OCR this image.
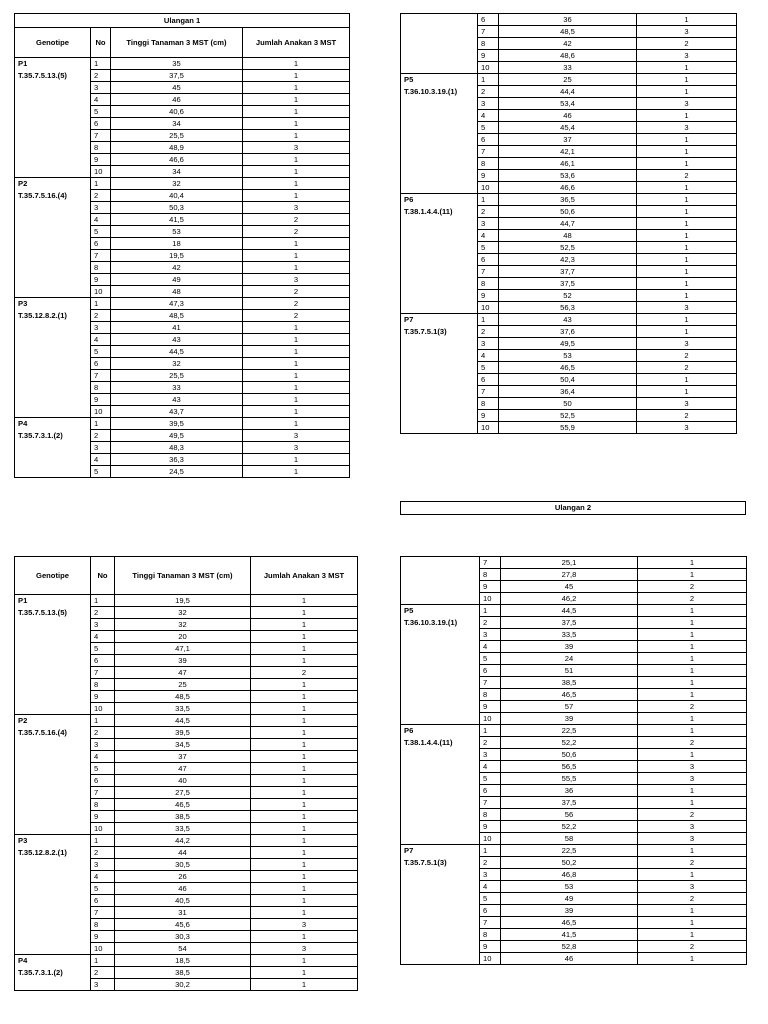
Ulangan 1			
Genotipe	No	Tinggi Tanaman 3 MST (cm)	Jumlah Anakan 3 MST
P1	1	35	1
T.35.7.5.13.(5)	2	37,5	1
	3	45	1
	4	46	1
	5	40,6	1
	6	34	1
	7	25,5	1
	8	48,9	3
	9	46,6	1
	10	34	1
P2	1	32	1
T.35.7.5.16.(4)	2	40,4	1
	3	50,3	3
	4	41,5	2
	5	53	2
	6	18	1
	7	19,5	1
	8	42	1
	9	49	3
	10	48	2
P3	1	47,3	2
T.35.12.8.2.(1)	2	48,5	2
	3	41	1
	4	43	1
	5	44,5	1
	6	32	1
	7	25,5	1
	8	33	1
	9	43	1
	10	43,7	1
P4	1	39,5	1
T.35.7.3.1.(2)	2	49,5	3
	3	48,3	3
	4	36,3	1
	5	24,5	1
	6	36	1
	7	48,5	3
	8	42	2
	9	48,6	3
	10	33	1
P5	1	25	1
T.36.10.3.19.(1)	2	44,4	1
	3	53,4	3
	4	46	1
	5	45,4	3
	6	37	1
	7	42,1	1
	8	46,1	1
	9	53,6	2
	10	46,6	1
P6	1	36,5	1
T.38.1.4.4.(11)	2	50,6	1
	3	44,7	1
	4	48	1
	5	52,5	1
	6	42,3	1
	7	37,7	1
	8	37,5	1
	9	52	1
	10	56,3	3
P7	1	43	1
T.35.7.5.1(3)	2	37,6	1
	3	49,5	3
	4	53	2
	5	46,5	2
	6	50,4	1
	7	36,4	1
	8	50	3
	9	52,5	2
	10	55,9	3
Ulangan 2
Genotipe	No	Tinggi Tanaman 3 MST (cm)	Jumlah Anakan 3 MST
P1	1	19,5	1
T.35.7.5.13.(5)	2	32	1
	3	32	1
	4	20	1
	5	47,1	1
	6	39	1
	7	47	2
	8	25	1
	9	48,5	1
	10	33,5	1
P2	1	44,5	1
T.35.7.5.16.(4)	2	39,5	1
	3	34,5	1
	4	37	1
	5	47	1
	6	40	1
	7	27,5	1
	8	46,5	1
	9	38,5	1
	10	33,5	1
P3	1	44,2	1
T.35.12.8.2.(1)	2	44	1
	3	30,5	1
	4	26	1
	5	46	1
	6	40,5	1
	7	31	1
	8	45,6	3
	9	30,3	1
	10	54	3
P4	1	18,5	1
T.35.7.3.1.(2)	2	38,5	1
	3	30,2	1
	7	25,1	1
	8	27,8	1
	9	45	2
	10	46,2	2
P5	1	44,5	1
T.36.10.3.19.(1)	2	37,5	1
	3	33,5	1
	4	39	1
	5	24	1
	6	51	1
	7	38,5	1
	8	46,5	1
	9	57	2
	10	39	1
P6	1	22,5	1
T.38.1.4.4.(11)	2	52,2	2
	3	50,6	1
	4	56,5	3
	5	55,5	3
	6	36	1
	7	37,5	1
	8	56	2
	9	52,2	3
	10	58	3
P7	1	22,5	1
T.35.7.5.1(3)	2	50,2	2
	3	46,8	1
	4	53	3
	5	49	2
	6	39	1
	7	46,5	1
	8	41,5	1
	9	52,8	2
	10	46	1
